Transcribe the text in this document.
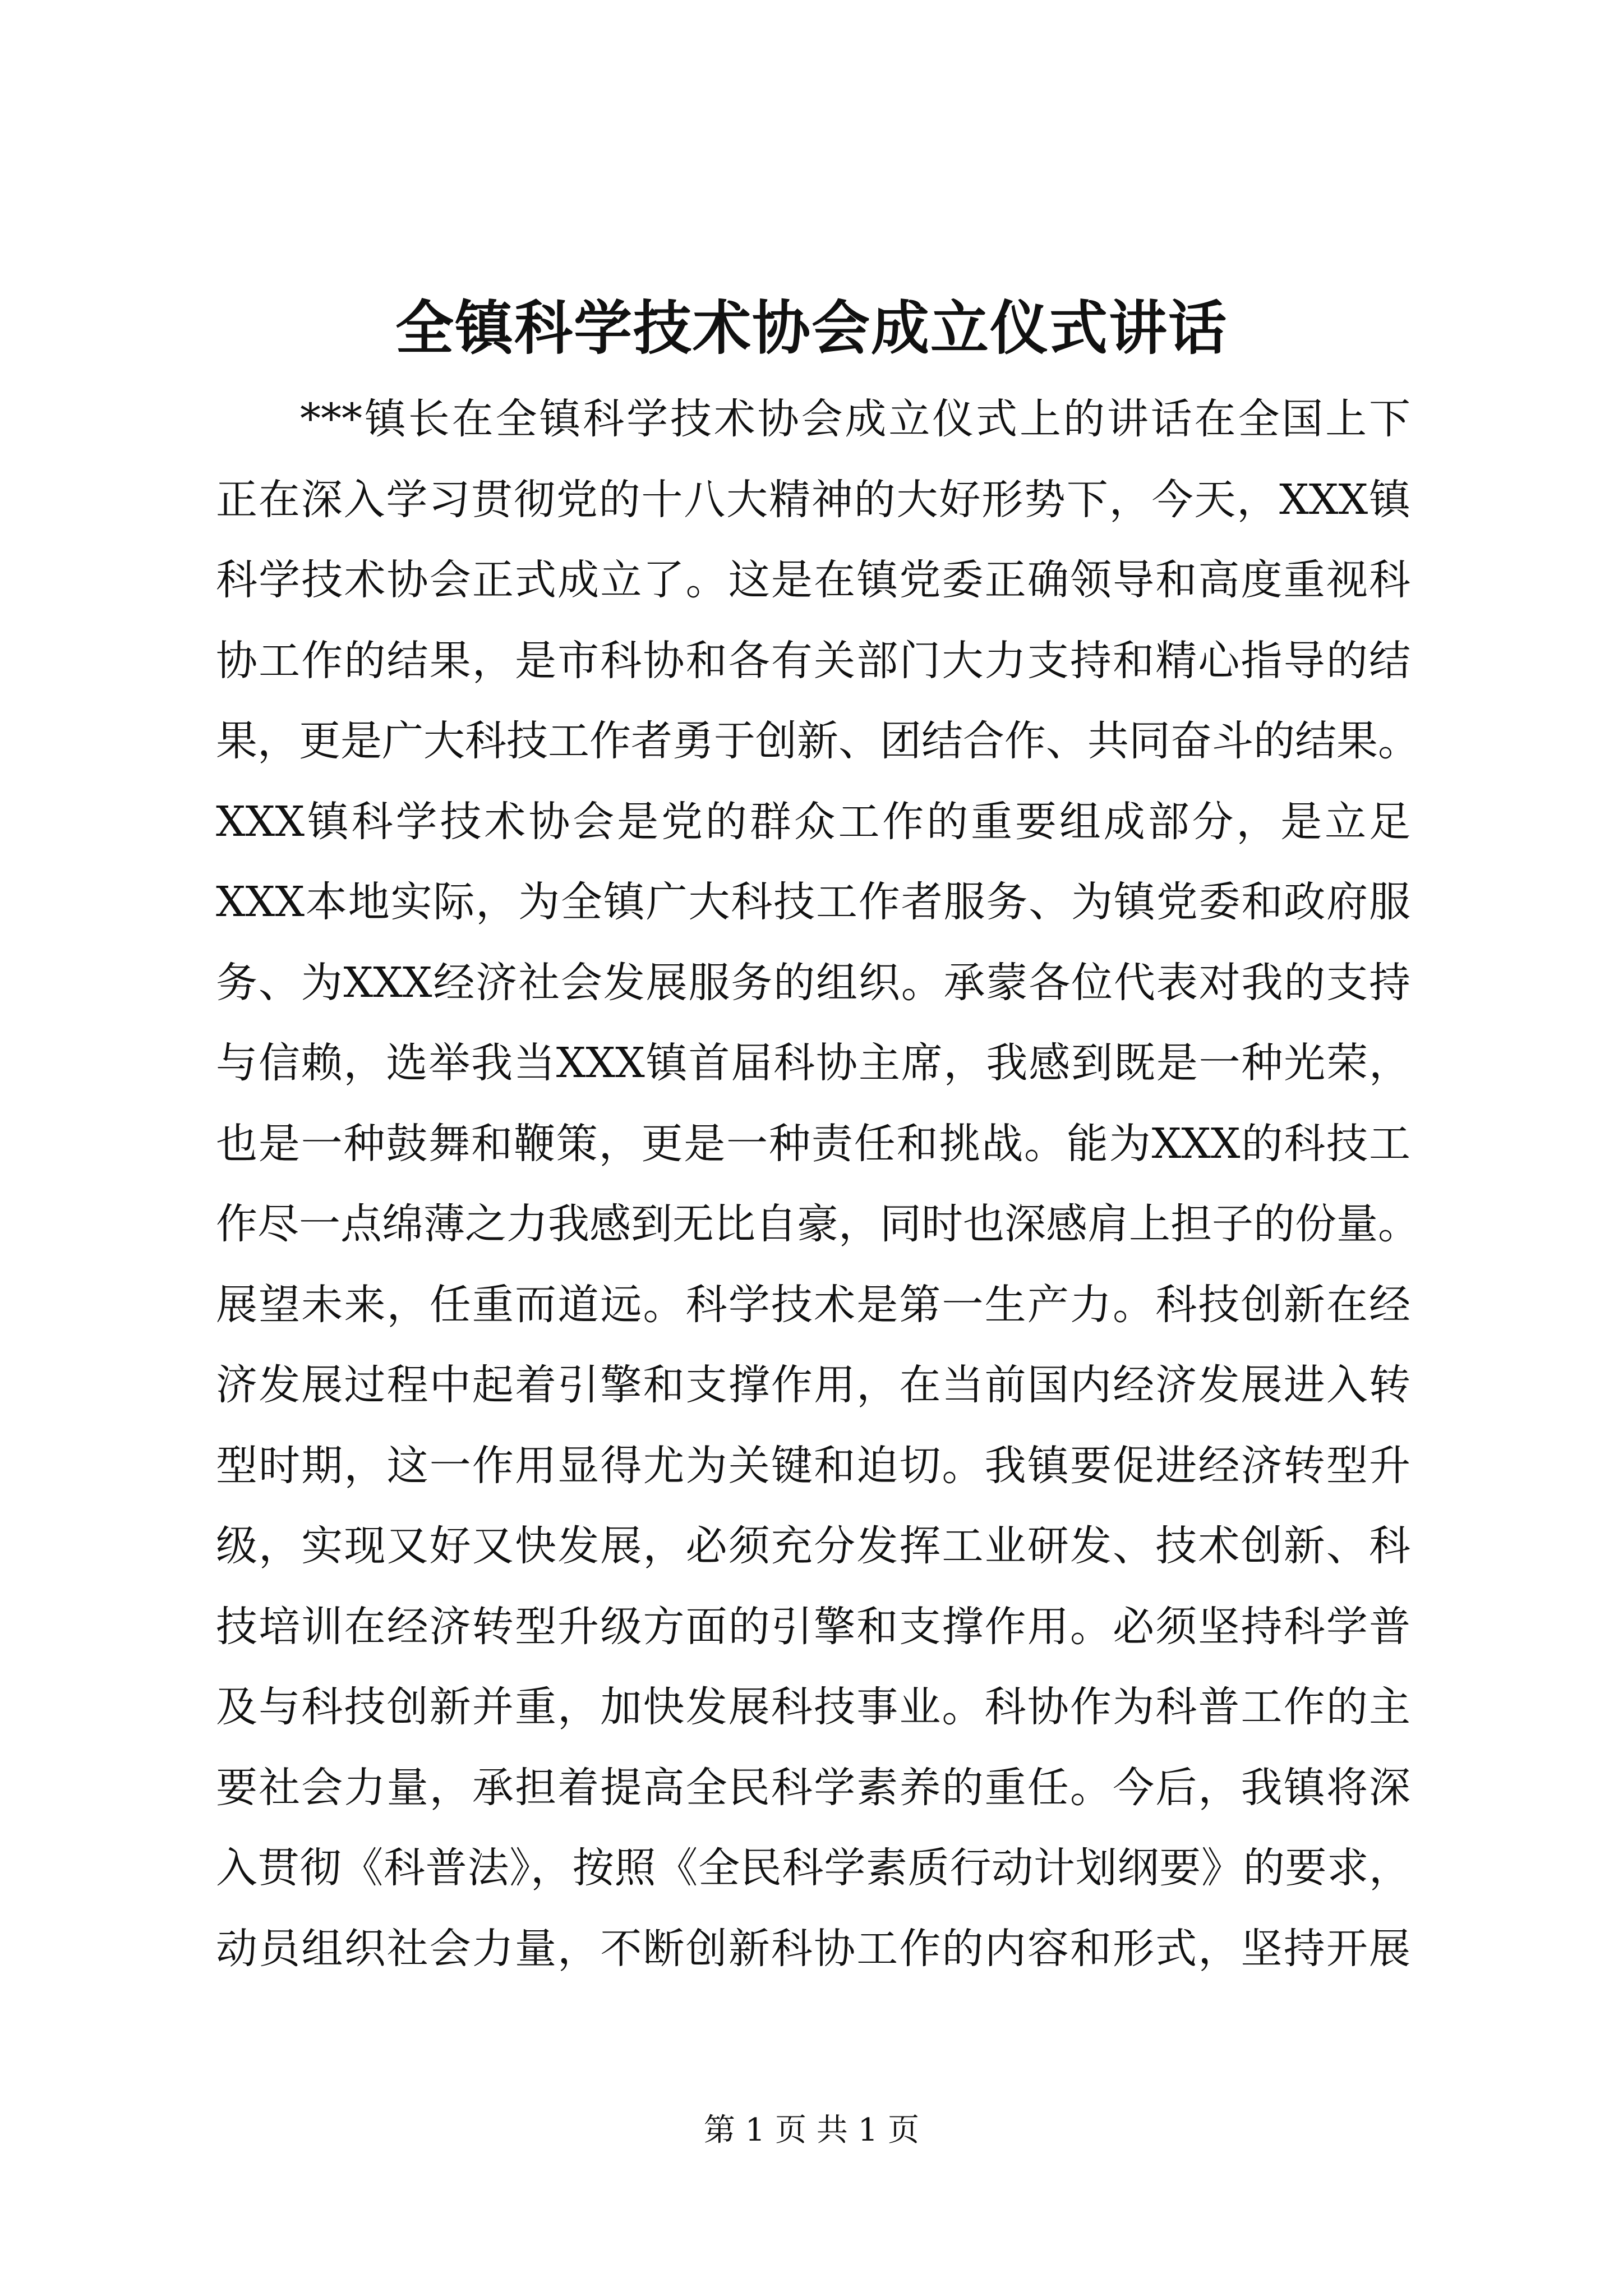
全镇科学技术协会成立仪式讲话
***镇长在全镇科学技术协会成立仪式上的讲话在全国上下
正在深入学习贯彻党的十八大精神的大好形势下，今天，XXX镇
科学技术协会正式成立了。这是在镇党委正确领导和高度重视科
协工作的结果，是市科协和各有关部门大力支持和精心指导的结
果，更是广大科技工作者勇于创新、团结合作、共同奋斗的结果。
XXX镇科学技术协会是党的群众工作的重要组成部分，是立足
XXX本地实际，为全镇广大科技工作者服务、为镇党委和政府服
务、为XXX经济社会发展服务的组织。承蒙各位代表对我的支持
与信赖，选举我当XXX镇首届科协主席，我感到既是一种光荣，
也是一种鼓舞和鞭策，更是一种责任和挑战。能为XXX的科技工
作尽一点绵薄之力我感到无比自豪，同时也深感肩上担子的份量。
展望未来，任重而道远。科学技术是第一生产力。科技创新在经
济发展过程中起着引擎和支撑作用，在当前国内经济发展进入转
型时期，这一作用显得尤为关键和迫切。我镇要促进经济转型升
级，实现又好又快发展，必须充分发挥工业研发、技术创新、科
技培训在经济转型升级方面的引擎和支撑作用。必须坚持科学普
及与科技创新并重，加快发展科技事业。科协作为科普工作的主
要社会力量，承担着提高全民科学素养的重任。今后，我镇将深
入贯彻《科普法》，按照《全民科学素质行动计划纲要》的要求，
动员组织社会力量，不断创新科协工作的内容和形式，坚持开展
第 1 页 共 1 页
